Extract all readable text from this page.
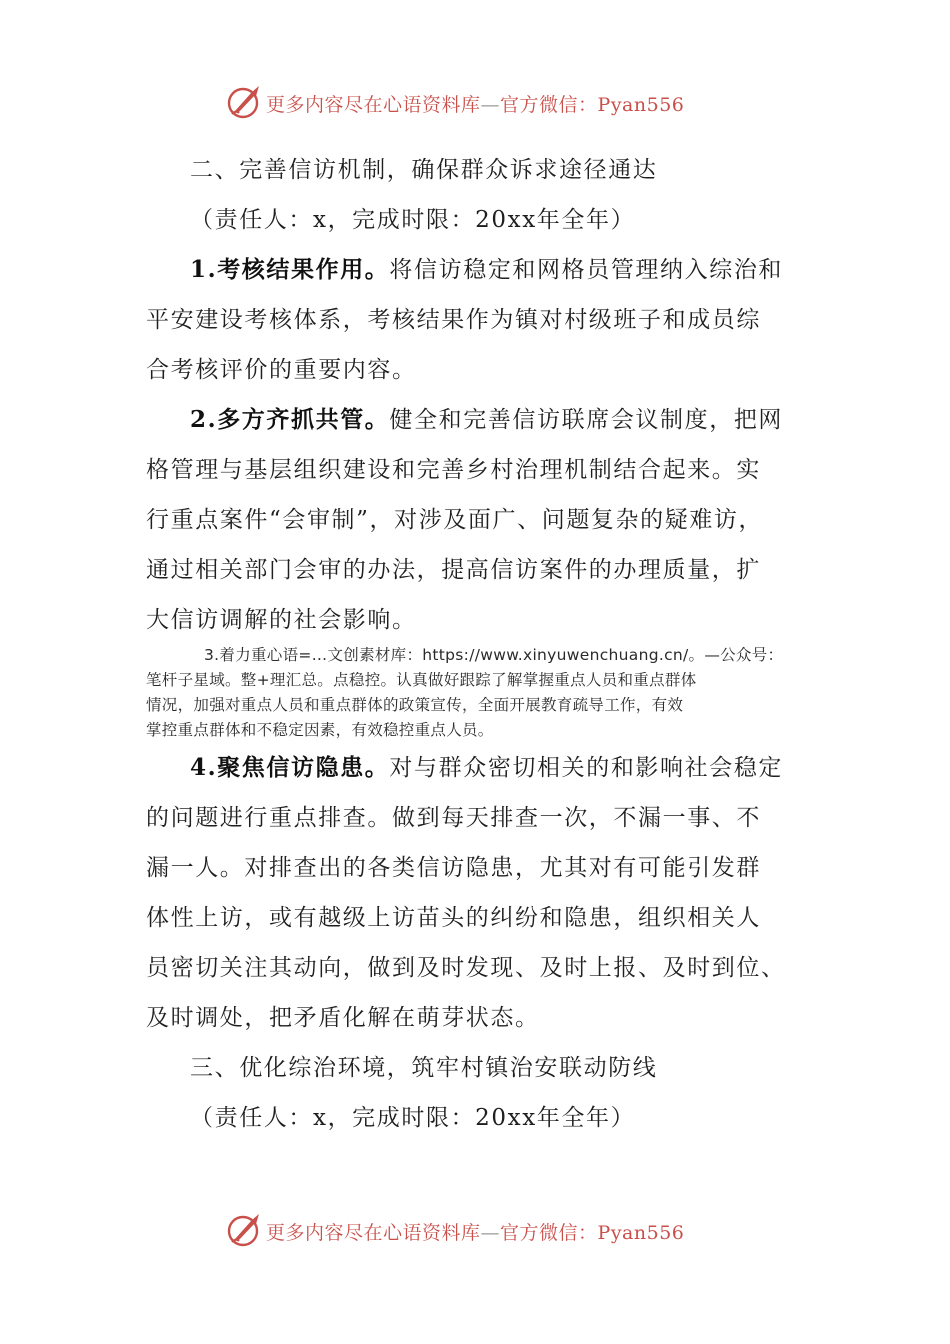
更多内容尽在心语资料库—官方微信：Pyan556
二、完善信访机制，确保群众诉求途径通达
（责任人：x，完成时限：20xx年全年）
1.考核结果作用。将信访稳定和网格员管理纳入综治和
平安建设考核体系，考核结果作为镇对村级班子和成员综
合考核评价的重要内容。
2.多方齐抓共管。健全和完善信访联席会议制度，把网
格管理与基层组织建设和完善乡村治理机制结合起来。实
行重点案件“会审制”，对涉及面广、问题复杂的疑难访，
通过相关部门会审的办法，提高信访案件的办理质量，扩
大信访调解的社会影响。
3.着力重心语=…文创素材库：https://www.xinyuwenchuang.cn/。—公众号：
笔杆子星域。整+理汇总。点稳控。认真做好跟踪了解掌握重点人员和重点群体
情况，加强对重点人员和重点群体的政策宣传，全面开展教育疏导工作，有效
掌控重点群体和不稳定因素，有效稳控重点人员。
4.聚焦信访隐患。对与群众密切相关的和影响社会稳定
的问题进行重点排查。做到每天排查一次，不漏一事、不
漏一人。对排查出的各类信访隐患，尤其对有可能引发群
体性上访，或有越级上访苗头的纠纷和隐患，组织相关人
员密切关注其动向，做到及时发现、及时上报、及时到位、
及时调处，把矛盾化解在萌芽状态。
三、优化综治环境，筑牢村镇治安联动防线
（责任人：x，完成时限：20xx年全年）
更多内容尽在心语资料库—官方微信：Pyan556
